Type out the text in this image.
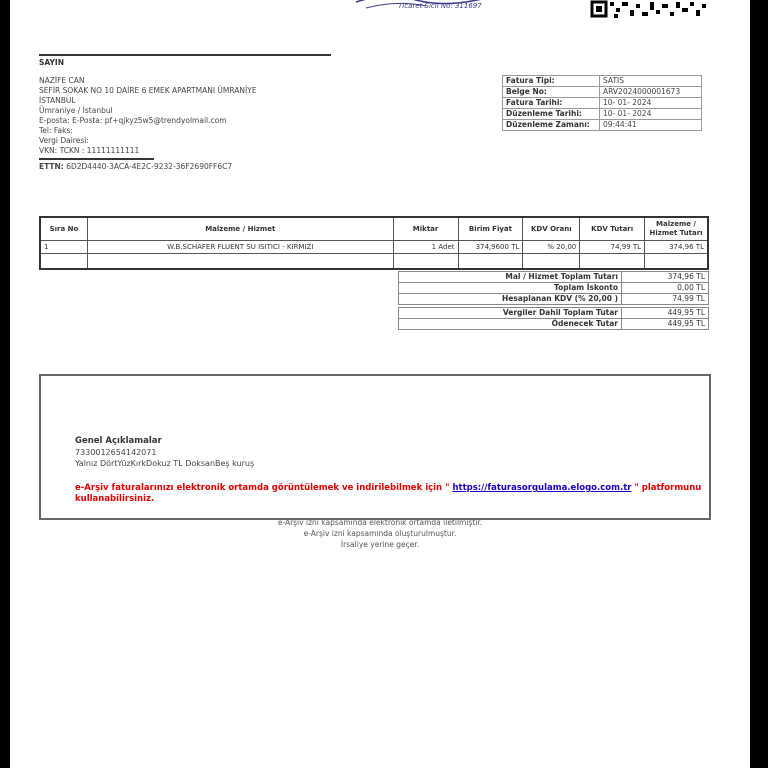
Ticaret Sicil No: 311697
SAYIN
NAZİFE CAN
SEFİR SOKAK NO 10 DAİRE 6 EMEK APARTMANI ÜMRANİYE
İSTANBUL
Ümraniye / İstanbul
E-posta: E-Posta: pf+qjkyz5w5@trendyolmail.com
Tel: Faks:
Vergi Dairesi:
VKN: TCKN : 11111111111
ETTN: 6D2D4440-3ACA-4E2C-9232-36F2690FF6C7
Fatura Tipi:	SATIS
Belge No:	ARV2024000001673
Fatura Tarihi:	10- 01- 2024
Düzenleme Tarihi:	10- 01- 2024
Düzenleme Zamanı:	09:44:41
Sıra No	Malzeme / Hizmet	Miktar	Birim Fiyat	KDV Oranı	KDV Tutarı	Malzeme / Hizmet Tutarı
1	W.B.SCHAFER FLUENT SU ISITICI - KIRMIZI	1 Adet	374,9600 TL	% 20,00	74,99 TL	374,96 TL

Mal / Hizmet Toplam Tutarı	374,96 TL
Toplam İskonto	0,00 TL
Hesaplanan KDV (% 20,00 )	74,99 TL

Vergiler Dahil Toplam Tutar	449,95 TL
Ödenecek Tutar	449,95 TL
Genel Açıklamalar
7330012654142071
Yalnız DörtYüzKırkDokuz TL DoksanBeş kuruş
e-Arşiv faturalarınızı elektronik ortamda görüntülemek ve indirilebilmek için " https://faturasorgulama.elogo.com.tr " platformunu kullanabilirsiniz.
e-Arşiv izni kapsamında elektronik ortamda iletilmiştir.
e-Arşiv izni kapsamında oluşturulmuştur.
İrsaliye yerine geçer.
